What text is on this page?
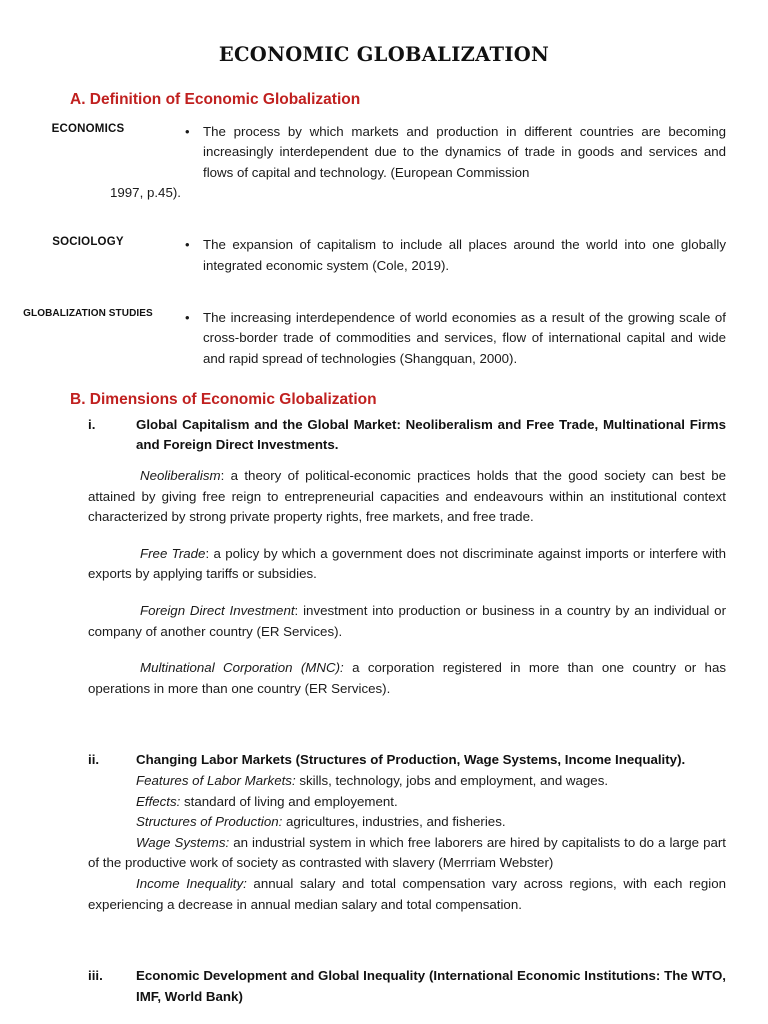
ECONOMIC GLOBALIZATION
A. Definition of Economic Globalization
ECONOMICS	•	The process by which markets and production in different countries are becoming increasingly interdependent due to the dynamics of trade in goods and services and flows of capital and technology. (European Commission
1997, p.45).
SOCIOLOGY	•	The expansion of capitalism to include all places around the world into one globally integrated economic system (Cole, 2019).
GLOBALIZATION STUDIES	•	The increasing interdependence of world economies as a result of the growing scale of cross-border trade of commodities and services, flow of international capital and wide and rapid spread of technologies (Shangquan, 2000).
B. Dimensions of Economic Globalization
i.	Global Capitalism and the Global Market: Neoliberalism and Free Trade, Multinational Firms and Foreign Direct Investments.

Neoliberalism: a theory of political-economic practices holds that the good society can best be attained by giving free reign to entrepreneurial capacities and endeavours within an institutional context characterized by strong private property rights, free markets, and free trade.

Free Trade: a policy by which a government does not discriminate against imports or interfere with exports by applying tariffs or subsidies.

Foreign Direct Investment: investment into production or business in a country by an individual or company of another country (ER Services).

Multinational Corporation (MNC): a corporation registered in more than one country or has operations in more than one country (ER Services).

ii.	Changing Labor Markets (Structures of Production, Wage Systems, Income Inequality).

Features of Labor Markets: skills, technology, jobs and employment, and wages.

Effects: standard of living and employement.

Structures of Production: agricultures, industries, and fisheries.

Wage Systems: an industrial system in which free laborers are hired by capitalists to do a large part of the productive work of society as contrasted with slavery (Merrriam Webster)

Income Inequality: annual salary and total compensation vary across regions, with each region experiencing a decrease in annual median salary and total compensation.

iii. Economic Development and Global Inequality (International Economic Institutions: The WTO, IMF, World Bank)
